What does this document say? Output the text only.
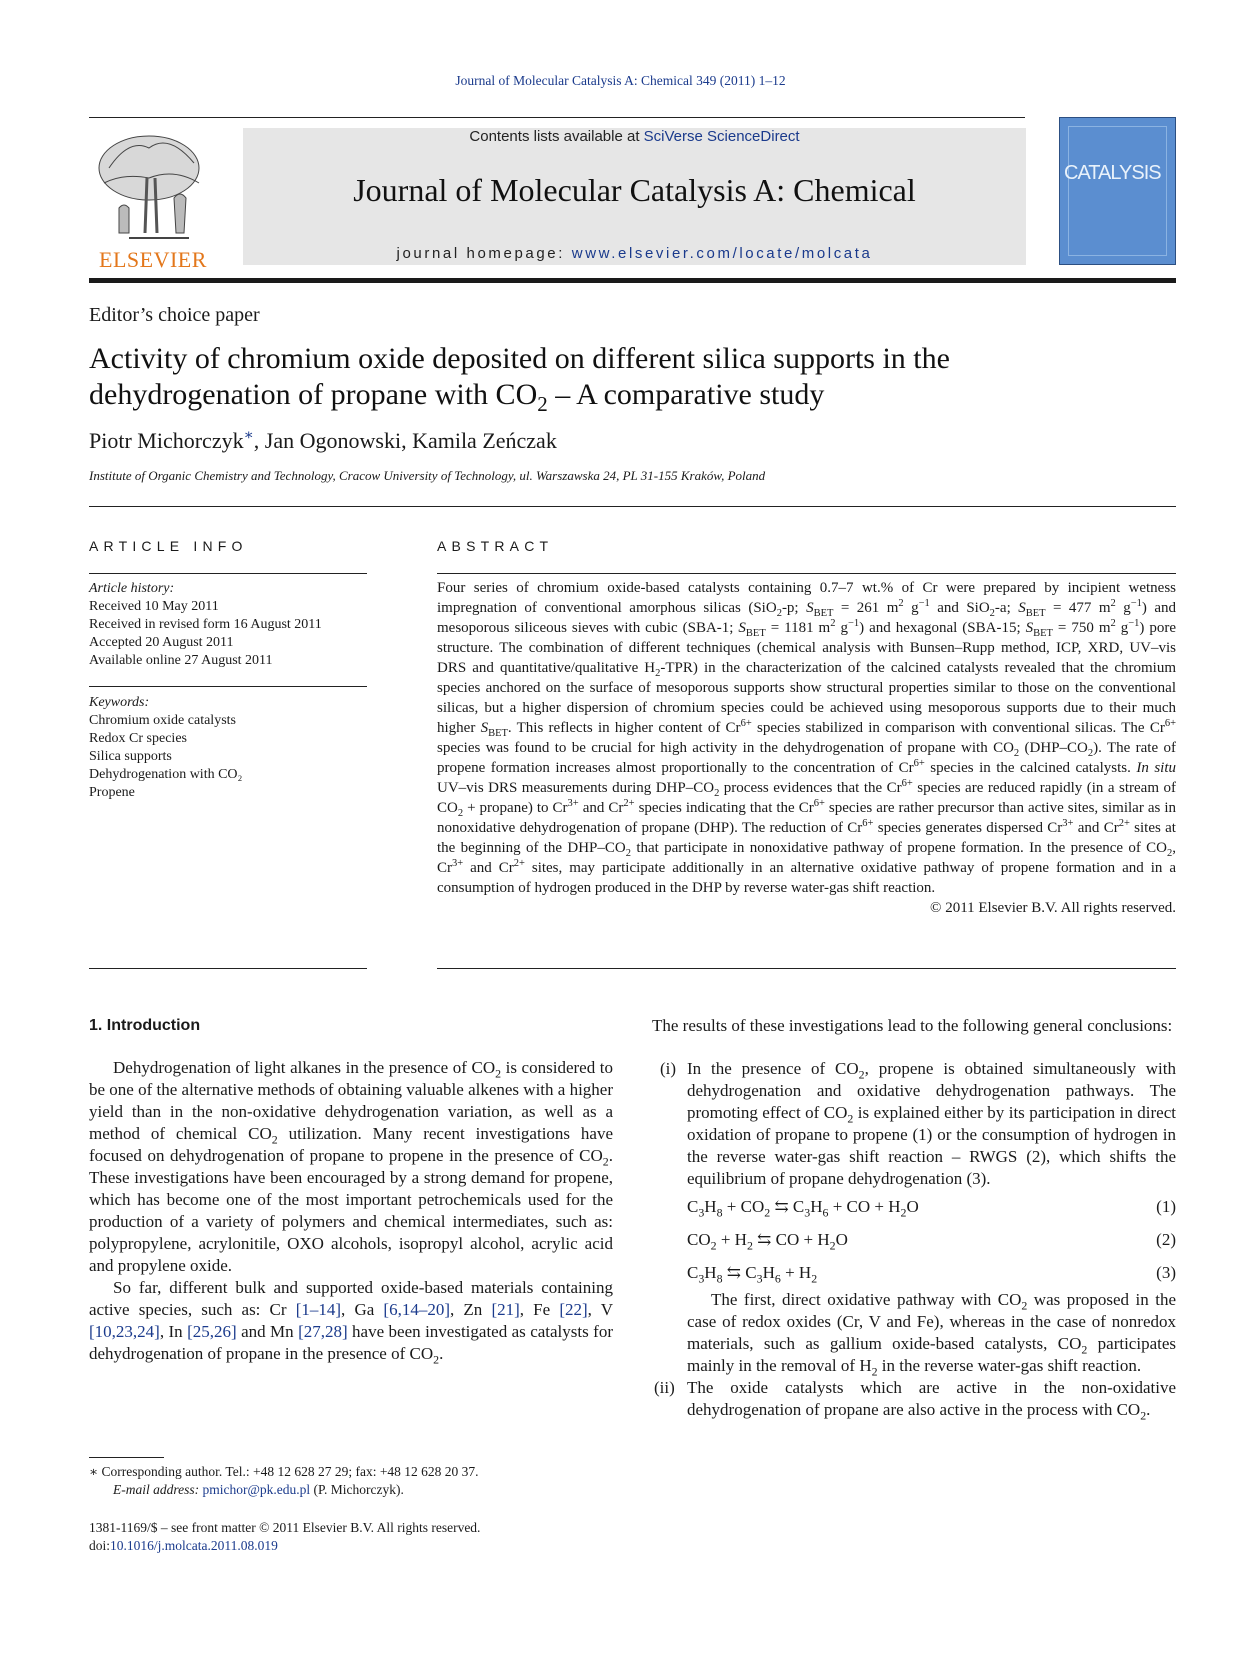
Journal of Molecular Catalysis A: Chemical 349 (2011) 1–12
ELSEVIER
Contents lists available at SciVerse ScienceDirect
Journal of Molecular Catalysis A: Chemical
journal homepage: www.elsevier.com/locate/molcata
CATALYSIS
Editor’s choice paper
Activity of chromium oxide deposited on different silica supports in the
dehydrogenation of propane with $CO_2$ – A comparative study
Piotr Michorczyk∗, Jan Ogonowski, Kamila Zeńczak
Institute of Organic Chemistry and Technology, Cracow University of Technology, ul. Warszawska 24, PL 31-155 Kraków, Poland
ARTICLE INFO
Article history:
Received 10 May 2011
Received in revised form 16 August 2011
Accepted 20 August 2011
Available online 27 August 2011
Keywords:
Chromium oxide catalysts
Redox Cr species
Silica supports
Dehydrogenation with CO₂
Propene
ABSTRACT
Four series of chromium oxide-based catalysts containing 0.7–7 wt.% of Cr were prepared by incipient wetness impregnation of conventional amorphous silicas (SiO$_2$-p; $S_{BET} = 261$ $m^2$ $g^{-1}$ and SiO$_2$-a; $S_{BET} = 477$ $m^2$ $g^{-1}$) and mesoporous siliceous sieves with cubic (SBA-1; $S_{BET} = 1181$ $m^2$ $g^{-1}$) and hexagonal (SBA-15; $S_{BET} = 750$ $m^2$ $g^{-1}$) pore structure. The combination of different techniques (chemical analysis with Bunsen–Rupp method, ICP, XRD, UV–vis DRS and quantitative/qualitative $H_2-TPR$) in the characterization of the calcined catalysts revealed that the chromium species anchored on the surface of mesoporous supports show structural properties similar to those on the conventional silicas, but a higher dispersion of chromium species could be achieved using mesoporous supports due to their much higher $S_{BET}$. This reflects in higher content of $Cr^{6+}$ species stabilized in comparison with conventional silicas. The $Cr^{6+}$ species was found to be crucial for high activity in the dehydrogenation of propane with $CO_2$ $(DHP-CO_2)$. The rate of propene formation increases almost proportionally to the concentration of $Cr^{6+}$ species in the calcined catalysts. In situ UV–vis DRS measurements during DHP–$CO_2$ process evidences that the $Cr^{6+}$ species are reduced rapidly (in a stream of $CO_2$ + propane) to $Cr^{3+}$ and $Cr^{2+}$ species indicating that the $Cr^{6+}$ species are rather precursor than active sites, similar as in nonoxidative dehydrogenation of propane (DHP). The reduction of $Cr^{6+}$ species generates dispersed $Cr^{3+}$ and $Cr^{2+}$ sites at the beginning of the DHP–$CO_2$ that participate in nonoxidative pathway of propene formation. In the presence of $CO_2$, $Cr^{3+}$ and $Cr^{2+}$ sites, may participate additionally in an alternative oxidative pathway of propene formation and in a consumption of hydrogen produced in the DHP by reverse water-gas shift reaction.
© 2011 Elsevier B.V. All rights reserved.
1. Introduction
Dehydrogenation of light alkanes in the presence of $CO_2$ is considered to be one of the alternative methods of obtaining valuable alkenes with a higher yield than in the non-oxidative dehydrogenation variation, as well as a method of chemical $CO_2$ utilization. Many recent investigations have focused on dehydrogenation of propane to propene in the presence of $CO_2$. These investigations have been encouraged by a strong demand for propene, which has become one of the most important petrochemicals used for the production of a variety of polymers and chemical intermediates, such as: polypropylene, acrylonitile, OXO alcohols, isopropyl alcohol, acrylic acid and propylene oxide.
So far, different bulk and supported oxide-based materials containing active species, such as: Cr [1–14], Ga [6,14–20], Zn [21], Fe [22], V [10,23,24], In [25,26] and Mn [27,28] have been investigated as catalysts for dehydrogenation of propane in the presence of $CO_2$.
The results of these investigations lead to the following general conclusions:
(i) In the presence of $CO_2$, propene is obtained simultaneously with dehydrogenation and oxidative dehydrogenation pathways. The promoting effect of $CO_2$ is explained either by its participation in direct oxidation of propane to propene (1) or the consumption of hydrogen in the reverse water-gas shift reaction – RWGS (2), which shifts the equilibrium of propane dehydrogenation (3).
$C_3H_8 + CO_2$ ⇆ $C_3H_6$ + CO + $H_2O$	(1)
$CO_2 + H_2$ ⇆ CO + $H_2O$	(2)
$C_3H_8$ ⇆ $C_3H_6 + H_2$	(3)
The first, direct oxidative pathway with $CO_2$ was proposed in the case of redox oxides (Cr, V and Fe), whereas in the case of nonredox materials, such as gallium oxide-based catalysts, $CO_2$ participates mainly in the removal of $H_2$ in the reverse water-gas shift reaction.
(ii) The oxide catalysts which are active in the non-oxidative dehydrogenation of propane are also active in the process with $CO_2$.
∗ Corresponding author. Tel.: +48 12 628 27 29; fax: +48 12 628 20 37.
E-mail address: pmichor@pk.edu.pl (P. Michorczyk).
1381-1169/$ – see front matter © 2011 Elsevier B.V. All rights reserved.
doi:10.1016/j.molcata.2011.08.019
